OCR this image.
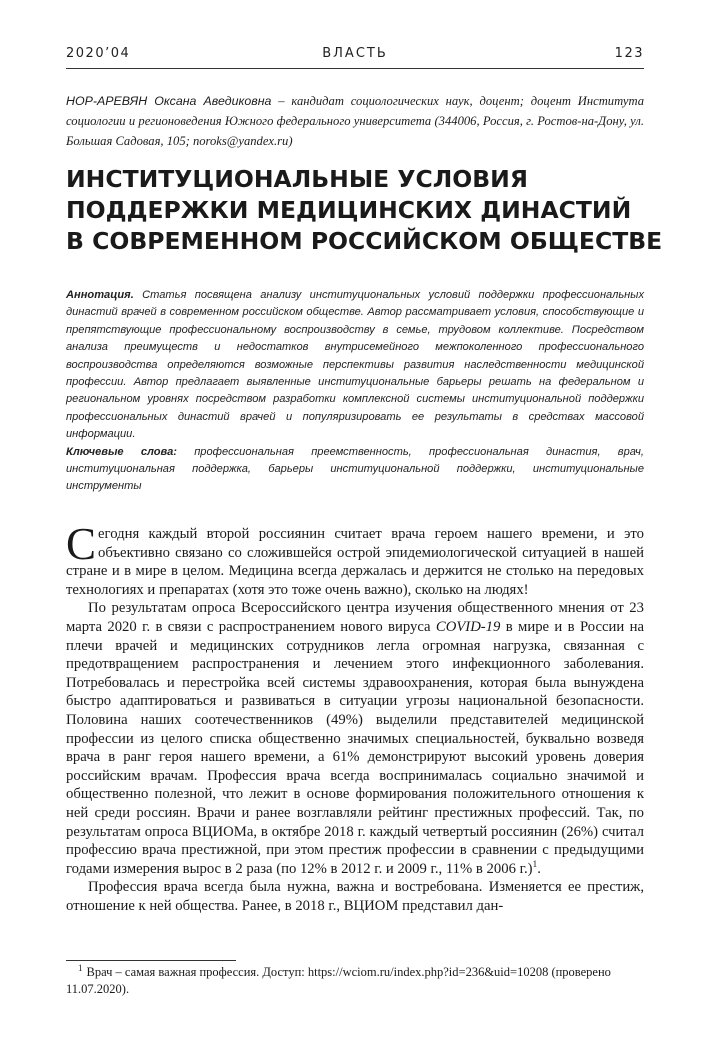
2020’04	ВЛАСТЬ	123
НОР-АРЕВЯН Оксана Аведиковна – кандидат социологических наук, доцент; доцент Института социологии и регионоведения Южного федерального университета (344006, Россия, г. Ростов-на-Дону, ул. Большая Садовая, 105; noroks@yandex.ru)
ИНСТИТУЦИОНАЛЬНЫЕ УСЛОВИЯ
ПОДДЕРЖКИ МЕДИЦИНСКИХ ДИНАСТИЙ
В СОВРЕМЕННОМ РОССИЙСКОМ ОБЩЕСТВЕ

Аннотация. Статья посвящена анализу институциональных условий поддержки профессиональных династий врачей в современном российском обществе. Автор рассматривает условия, способствующие и препятствующие профессиональному воспроизводству в семье, трудовом коллективе. Посредством анализа преимуществ и недостатков внутрисемейного межпоколенного профессионального воспроизводства определяются возможные перспективы развития наследственности медицинской профессии. Автор предлагает выявленные институциональные барьеры решать на федеральном и региональном уровнях посредством разработки комплексной системы институциональной поддержки профессиональных династий врачей и популяризировать ее результаты в средствах массовой информации.

Ключевые слова: профессиональная преемственность, профессиональная династия, врач, институциональная поддержка, барьеры институциональной поддержки, институциональные инструменты

Сегодня каждый второй россиянин считает врача героем нашего времени, и это объективно связано со сложившейся острой эпидемиологической ситуацией в нашей стране и в мире в целом. Медицина всегда держалась и держится не столько на передовых технологиях и препаратах (хотя это тоже очень важно), сколько на людях!

По результатам опроса Всероссийского центра изучения общественного мнения от 23 марта 2020 г. в связи с распространением нового вируса COVID-19 в мире и в России на плечи врачей и медицинских сотрудников легла огромная нагрузка, связанная с предотвращением распространения и лечением этого инфекционного заболевания. Потребовалась и перестройка всей системы здравоохранения, которая была вынуждена быстро адаптироваться и развиваться в ситуации угрозы национальной безопасности. Половина наших соотечественников (49%) выделили представителей медицинской профессии из целого списка общественно значимых специальностей, буквально возведя врача в ранг героя нашего времени, а 61% демонстрируют высокий уровень доверия российским врачам. Профессия врача всегда воспринималась социально значимой и общественно полезной, что лежит в основе формирования положительного отношения к ней среди россиян. Врачи и ранее возглавляли рейтинг престижных профессий. Так, по результатам опроса ВЦИОМа, в октябре 2018 г. каждый четвертый россиянин (26%) считал профессию врача престижной, при этом престиж профессии в сравнении с предыдущими годами измерения вырос в 2 раза (по 12% в 2012 г. и 2009 г., 11% в 2006 г.)$^1$.

Профессия врача всегда была нужна, важна и востребована. Изменяется ее престиж, отношение к ней общества. Ранее, в 2018 г., ВЦИОМ представил дан-

$^1$ Врач – самая важная профессия. Доступ: https://wciom.ru/index.php?id=236&uid=10208 (проверено 11.07.2020).
